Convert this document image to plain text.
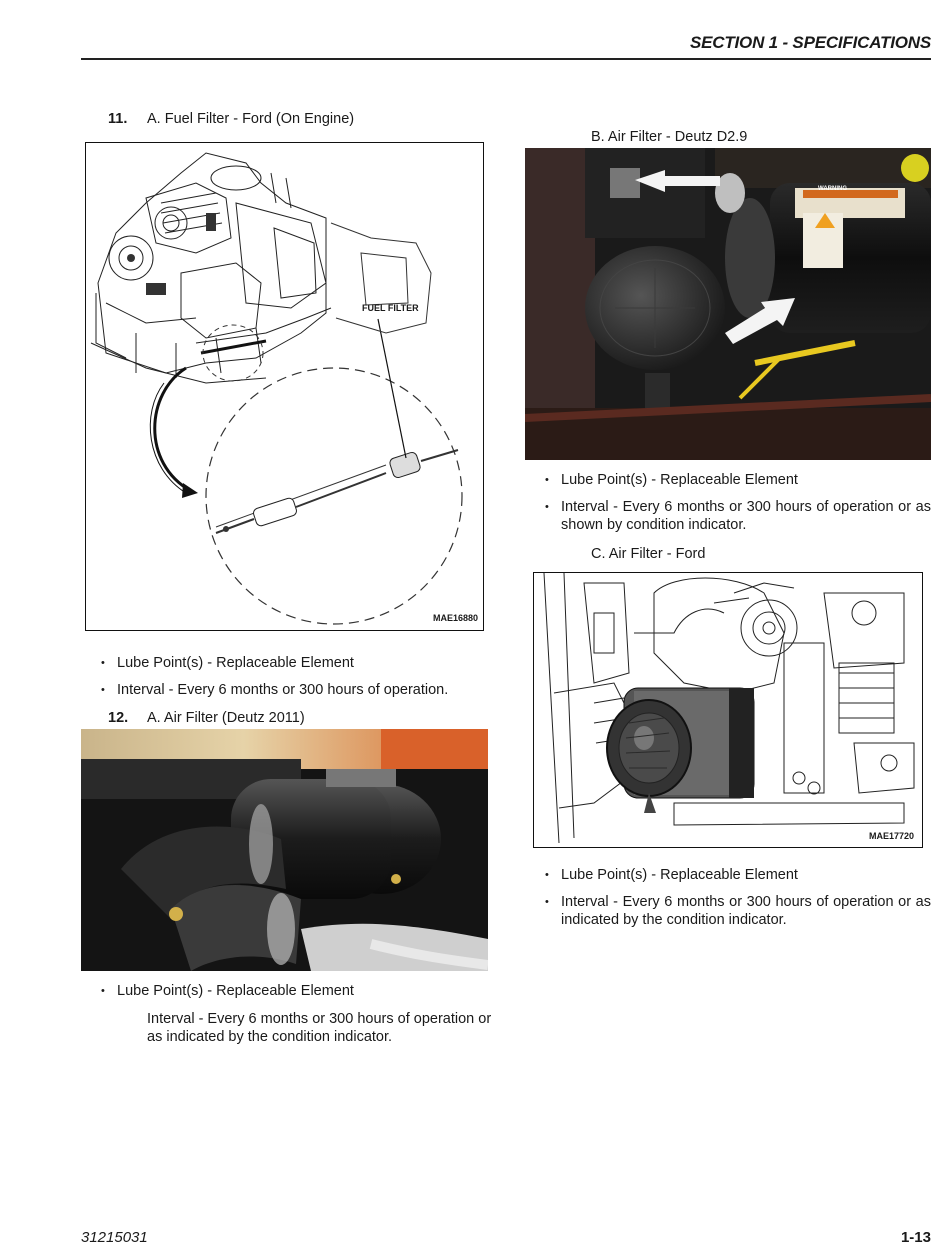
SECTION 1 - SPECIFICATIONS
11. A. Fuel Filter - Ford (On Engine)
FUEL FILTER
MAE16880
• Lube Point(s) - Replaceable Element
• Interval - Every 6 months or 300 hours of operation.
12. A. Air Filter (Deutz 2011)
• Lube Point(s) - Replaceable Element
Interval - Every 6 months or 300 hours of operation or as indicated by the condition indicator.
B. Air Filter - Deutz D2.9
WARNING
• Lube Point(s) - Replaceable Element
• Interval - Every 6 months or 300 hours of operation or as shown by condition indicator.
C. Air Filter - Ford
MAE17720
• Lube Point(s) - Replaceable Element
• Interval - Every 6 months or 300 hours of operation or as indicated by the condition indicator.
31215031	1-13
